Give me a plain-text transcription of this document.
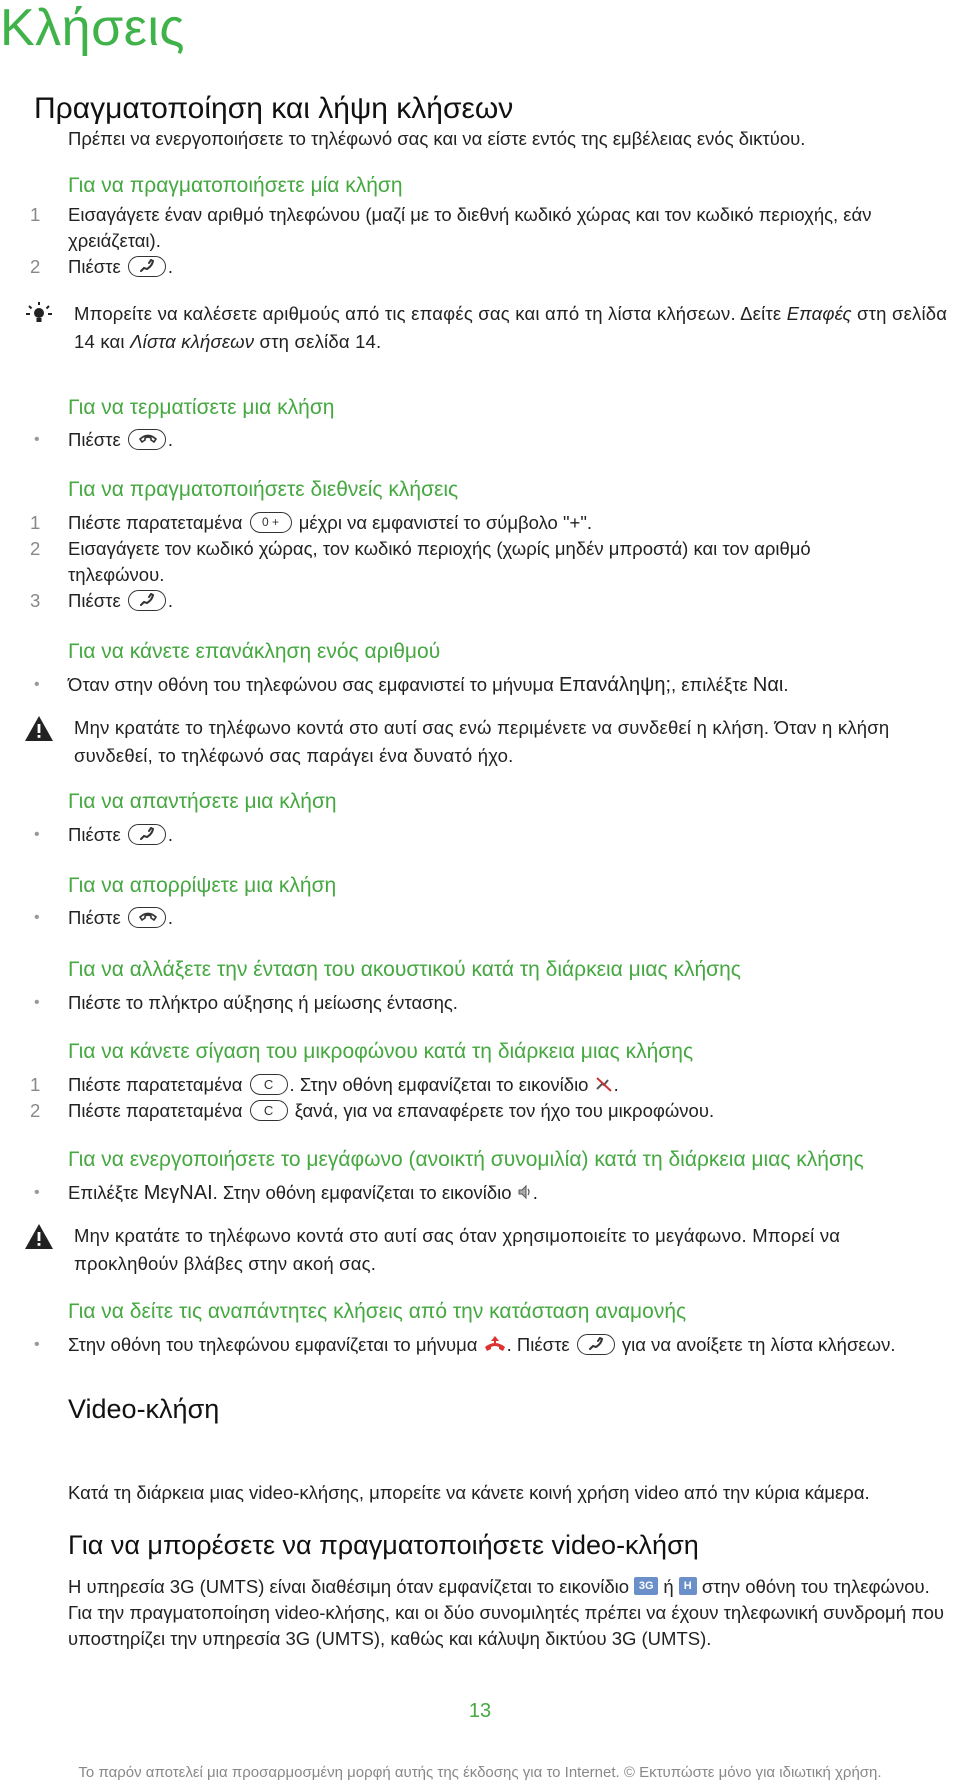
Κλήσεις
Πραγματοποίηση και λήψη κλήσεων
Πρέπει να ενεργοποιήσετε το τηλέφωνό σας και να είστε εντός της εμβέλειας ενός δικτύου.
Για να πραγματοποιήσετε μία κλήση
1	Εισαγάγετε έναν αριθμό τηλεφώνου (μαζί με το διεθνή κωδικό χώρας και τον κωδικό περιοχής, εάν χρειάζεται).
2	Πιέστε	.
Μπορείτε να καλέσετε αριθμούς από τις επαφές σας και από τη λίστα κλήσεων. Δείτε Επαφές στη σελίδα 14 και Λίστα κλήσεων στη σελίδα 14.
Για να τερματίσετε μια κλήση
• Πιέστε	.
Για να πραγματοποιήσετε διεθνείς κλήσεις
1	Πιέστε παρατεταμένα 0 + μέχρι να εμφανιστεί το σύμβολο "+".
2	Εισαγάγετε τον κωδικό χώρας, τον κωδικό περιοχής (χωρίς μηδέν μπροστά) και τον αριθμό τηλεφώνου.
3	Πιέστε	.
Για να κάνετε επανάκληση ενός αριθμού
• Όταν στην οθόνη του τηλεφώνου σας εμφανιστεί το μήνυμα Επανάληψη;, επιλέξτε Ναι.
Μην κρατάτε το τηλέφωνο κοντά στο αυτί σας ενώ περιμένετε να συνδεθεί η κλήση. Όταν η κλήση συνδεθεί, το τηλέφωνό σας παράγει ένα δυνατό ήχο.
Για να απαντήσετε μια κλήση
• Πιέστε	.
Για να απορρίψετε μια κλήση
• Πιέστε	.
Για να αλλάξετε την ένταση του ακουστικού κατά τη διάρκεια μιας κλήσης
• Πιέστε το πλήκτρο αύξησης ή μείωσης έντασης.
Για να κάνετε σίγαση του μικροφώνου κατά τη διάρκεια μιας κλήσης
1	Πιέστε παρατεταμένα C . Στην οθόνη εμφανίζεται το εικονίδιο .
2	Πιέστε παρατεταμένα C ξανά, για να επαναφέρετε τον ήχο του μικροφώνου.
Για να ενεργοποιήσετε το μεγάφωνο (ανοικτή συνομιλία) κατά τη διάρκεια μιας κλήσης
• Επιλέξτε ΜεγΝΑΙ. Στην οθόνη εμφανίζεται το εικονίδιο .
Μην κρατάτε το τηλέφωνο κοντά στο αυτί σας όταν χρησιμοποιείτε το μεγάφωνο. Μπορεί να προκληθούν βλάβες στην ακοή σας.
Για να δείτε τις αναπάντητες κλήσεις από την κατάσταση αναμονής
• Στην οθόνη του τηλεφώνου εμφανίζεται το μήνυμα . Πιέστε	για να ανοίξετε τη λίστα κλήσεων.
Video-κλήση
Κατά τη διάρκεια μιας video-κλήσης, μπορείτε να κάνετε κοινή χρήση video από την κύρια κάμερα.
Για να μπορέσετε να πραγματοποιήσετε video-κλήση
Η υπηρεσία 3G (UMTS) είναι διαθέσιμη όταν εμφανίζεται το εικονίδιο 3G ή H στην οθόνη του τηλεφώνου.
Για την πραγματοποίηση video-κλήσης, και οι δύο συνομιλητές πρέπει να έχουν τηλεφωνική συνδρομή που υποστηρίζει την υπηρεσία 3G (UMTS), καθώς και κάλυψη δικτύου 3G (UMTS).
13
Το παρόν αποτελεί μια προσαρμοσμένη μορφή αυτής της έκδοσης για το Internet. © Εκτυπώστε μόνο για ιδιωτική χρήση.
